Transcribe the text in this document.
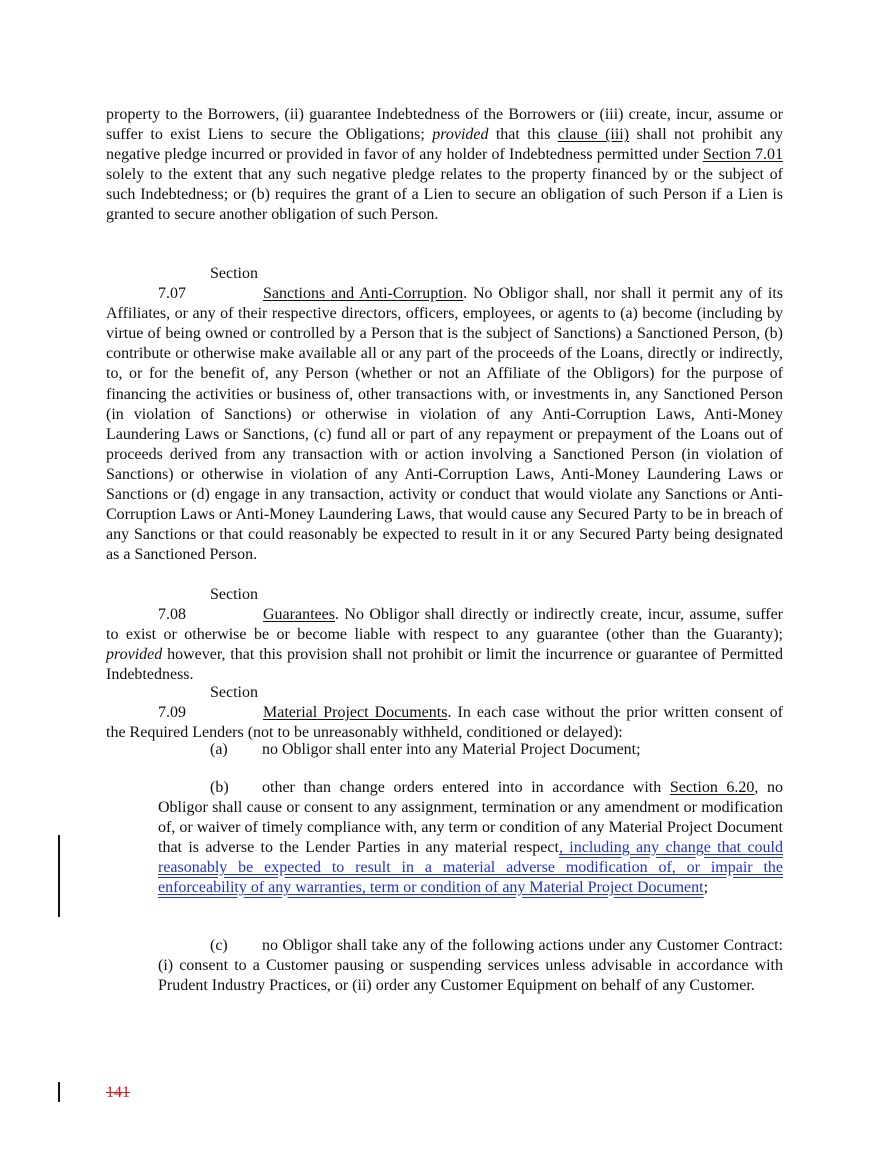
property to the Borrowers, (ii) guarantee Indebtedness of the Borrowers or (iii) create, incur, assume or suffer to exist Liens to secure the Obligations; provided that this clause (iii) shall not prohibit any negative pledge incurred or provided in favor of any holder of Indebtedness permitted under Section 7.01 solely to the extent that any such negative pledge relates to the property financed by or the subject of such Indebtedness; or (b) requires the grant of a Lien to secure an obligation of such Person if a Lien is granted to secure another obligation of such Person.

Section 7.07	Sanctions and Anti-Corruption. No Obligor shall, nor shall it permit any of its Affiliates, or any of their respective directors, officers, employees, or agents to (a) become (including by virtue of being owned or controlled by a Person that is the subject of Sanctions) a Sanctioned Person, (b) contribute or otherwise make available all or any part of the proceeds of the Loans, directly or indirectly, to, or for the benefit of, any Person (whether or not an Affiliate of the Obligors) for the purpose of financing the activities or business of, other transactions with, or investments in, any Sanctioned Person (in violation of Sanctions) or otherwise in violation of any Anti-Corruption Laws, Anti-Money Laundering Laws or Sanctions, (c) fund all or part of any repayment or prepayment of the Loans out of proceeds derived from any transaction with or action involving a Sanctioned Person (in violation of Sanctions) or otherwise in violation of any Anti-Corruption Laws, Anti-Money Laundering Laws or Sanctions or (d) engage in any transaction, activity or conduct that would violate any Sanctions or Anti-Corruption Laws or Anti-Money Laundering Laws, that would cause any Secured Party to be in breach of any Sanctions or that could reasonably be expected to result in it or any Secured Party being designated as a Sanctioned Person.

Section 7.08	Guarantees. No Obligor shall directly or indirectly create, incur, assume, suffer to exist or otherwise be or become liable with respect to any guarantee (other than the Guaranty); provided however, that this provision shall not prohibit or limit the incurrence or guarantee of Permitted Indebtedness.

Section 7.09	Material Project Documents. In each case without the prior written consent of the Required Lenders (not to be unreasonably withheld, conditioned or delayed):

(a) no Obligor shall enter into any Material Project Document;

(b) other than change orders entered into in accordance with Section 6.20, no Obligor shall cause or consent to any assignment, termination or any amendment or modification of, or waiver of timely compliance with, any term or condition of any Material Project Document that is adverse to the Lender Parties in any material respect, including any change that could reasonably be expected to result in a material adverse modification of, or impair the enforceability of any warranties, term or condition of any Material Project Document;

(c) no Obligor shall take any of the following actions under any Customer Contract: (i) consent to a Customer pausing or suspending services unless advisable in accordance with Prudent Industry Practices, or (ii) order any Customer Equipment on behalf of any Customer.

141
